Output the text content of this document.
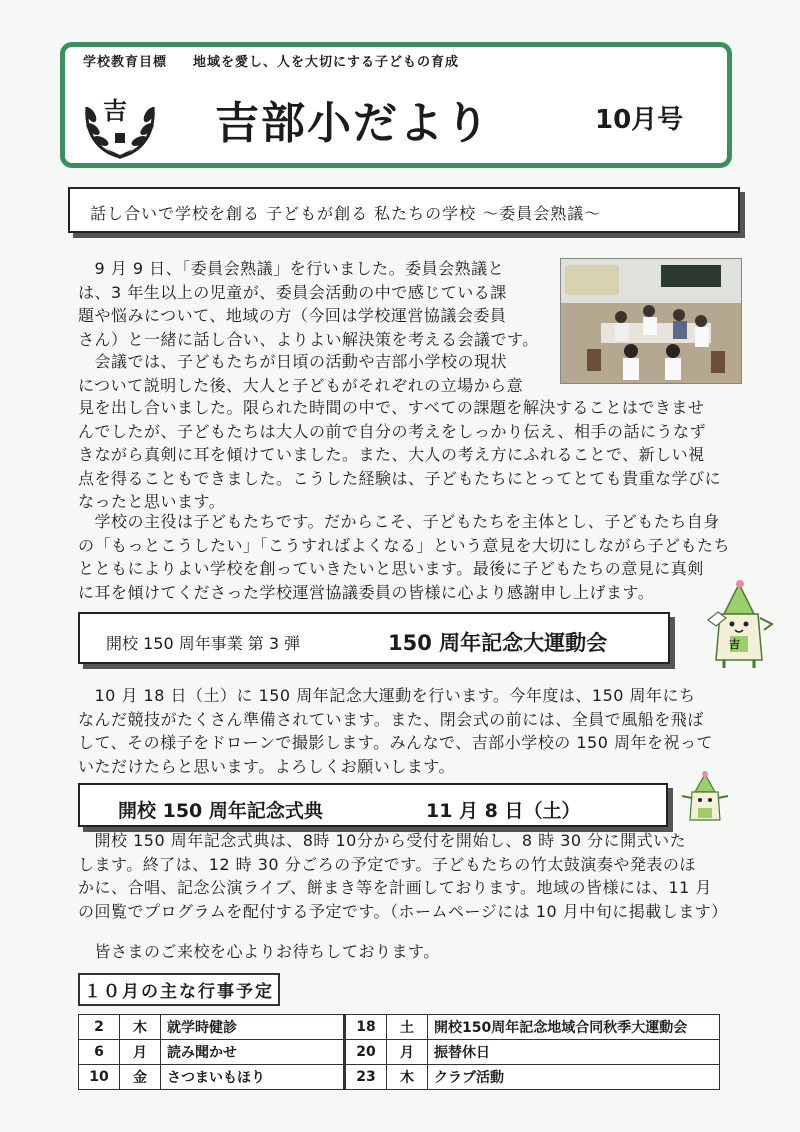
学校教育目標 地域を愛し、人を大切にする子どもの育成
吉 吉部小だより	10月号
話し合いで学校を創る 子どもが創る 私たちの学校 ～委員会熟議～
　9 月 9 日、「委員会熟議」を行いました。委員会熟議と
は、3 年生以上の児童が、委員会活動の中で感じている課
題や悩みについて、地域の方（今回は学校運営協議会委員
さん）と一緒に話し合い、よりよい解決策を考える会議です。
　会議では、子どもたちが日頃の活動や吉部小学校の現状
について説明した後、大人と子どもがそれぞれの立場から意
見を出し合いました。限られた時間の中で、すべての課題を解決することはできませ
んでしたが、子どもたちは大人の前で自分の考えをしっかり伝え、相手の話にうなず
きながら真剣に耳を傾けていました。また、大人の考え方にふれることで、新しい視
点を得ることもできました。こうした経験は、子どもたちにとってとても貴重な学びに
なったと思います。
　学校の主役は子どもたちです。だからこそ、子どもたちを主体とし、子どもたち自身
の「もっとこうしたい」「こうすればよくなる」という意見を大切にしながら子どもたち
とともによりよい学校を創っていきたいと思います。最後に子どもたちの意見に真剣
に耳を傾けてくださった学校運営協議委員の皆様に心より感謝申し上げます。
吉
開校 150 周年事業 第 3 弾	150 周年記念大運動会
　10 月 18 日（土）に 150 周年記念大運動を行います。今年度は、150 周年にち
なんだ競技がたくさん準備されています。また、閉会式の前には、全員で風船を飛ば
して、その様子をドローンで撮影します。みんなで、吉部小学校の 150 周年を祝って
いただけたらと思います。よろしくお願いします。
開校 150 周年記念式典	11 月 8 日（土）
　開校 150 周年記念式典は、8時 10分から受付を開始し、8 時 30 分に開式いた
します。終了は、12 時 30 分ごろの予定です。子どもたちの竹太鼓演奏や発表のほ
かに、合唱、記念公演ライブ、餅まき等を計画しております。地域の皆様には、11 月
の回覧でプログラムを配付する予定です。（ホームページには 10 月中旬に掲載します）
　皆さまのご来校を心よりお待ちしております。
１０月の主な行事予定
2	木	就学時健診	18	土	開校150周年記念地域合同秋季大運動会
6	月	読み聞かせ	20	月	振替休日
10	金	さつまいもほり	23	木	クラブ活動
